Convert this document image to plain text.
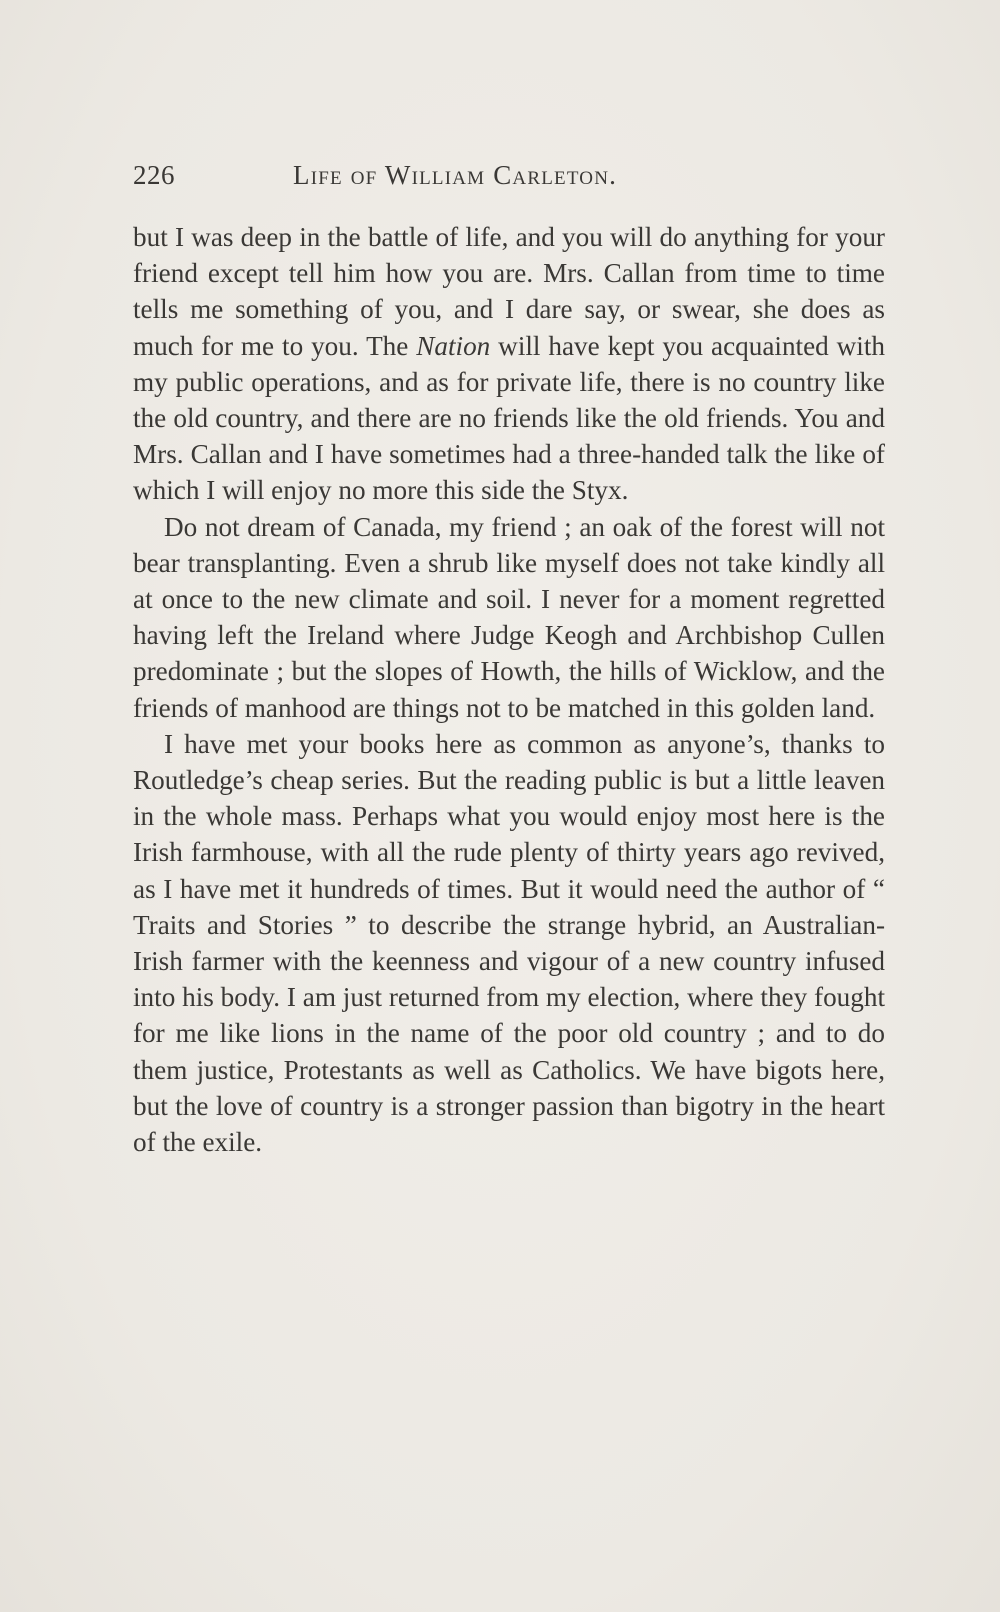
226	Life of William Carleton.

but I was deep in the battle of life, and you will do anything for your friend except tell him how you are. Mrs. Callan from time to time tells me something of you, and I dare say, or swear, she does as much for me to you. The Nation will have kept you acquainted with my public operations, and as for private life, there is no country like the old country, and there are no friends like the old friends. You and Mrs. Callan and I have sometimes had a three-handed talk the like of which I will enjoy no more this side the Styx.

Do not dream of Canada, my friend ; an oak of the forest will not bear transplanting. Even a shrub like myself does not take kindly all at once to the new climate and soil. I never for a moment regretted having left the Ireland where Judge Keogh and Archbishop Cullen predominate ; but the slopes of Howth, the hills of Wicklow, and the friends of manhood are things not to be matched in this golden land.

I have met your books here as common as anyone’s, thanks to Routledge’s cheap series. But the reading public is but a little leaven in the whole mass. Perhaps what you would enjoy most here is the Irish farmhouse, with all the rude plenty of thirty years ago revived, as I have met it hundreds of times. But it would need the author of “ Traits and Stories ” to describe the strange hybrid, an Australian-Irish farmer with the keenness and vigour of a new country infused into his body. I am just returned from my election, where they fought for me like lions in the name of the poor old country ; and to do them justice, Protestants as well as Catholics. We have bigots here, but the love of country is a stronger passion than bigotry in the heart of the exile.
